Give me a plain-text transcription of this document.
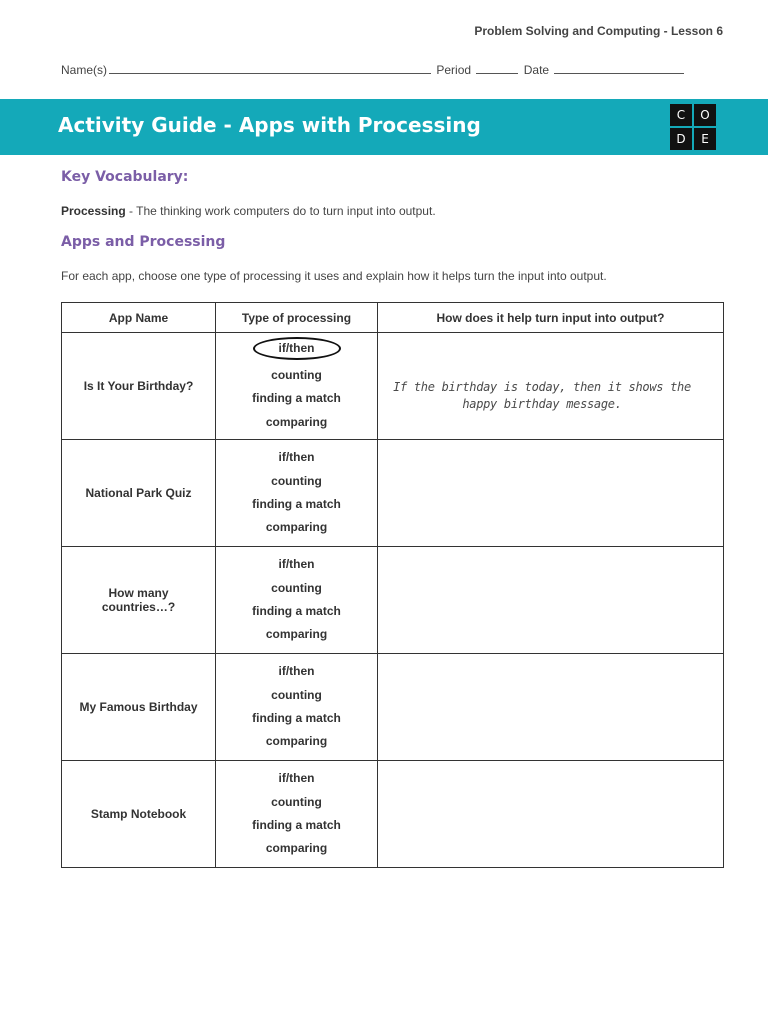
Problem Solving and Computing - Lesson 6
Name(s)	Period	Date
Activity Guide - Apps with Processing	C	O
D	E
Key Vocabulary:
Processing - The thinking work computers do to turn input into output.
Apps and Processing
For each app, choose one type of processing it uses and explain how it helps turn the input into output.
App Name	Type of processing	How does it help turn input into output?
Is It Your Birthday?	if/then
counting
finding a match
comparing	If the birthday is today, then it shows the happy birthday message.

National Park Quiz	if/then
counting
finding a match
comparing	

How many
countries…?	if/then
counting
finding a match
comparing	

My Famous Birthday	if/then
counting
finding a match
comparing	

Stamp Notebook	if/then
counting
finding a match
comparing	
